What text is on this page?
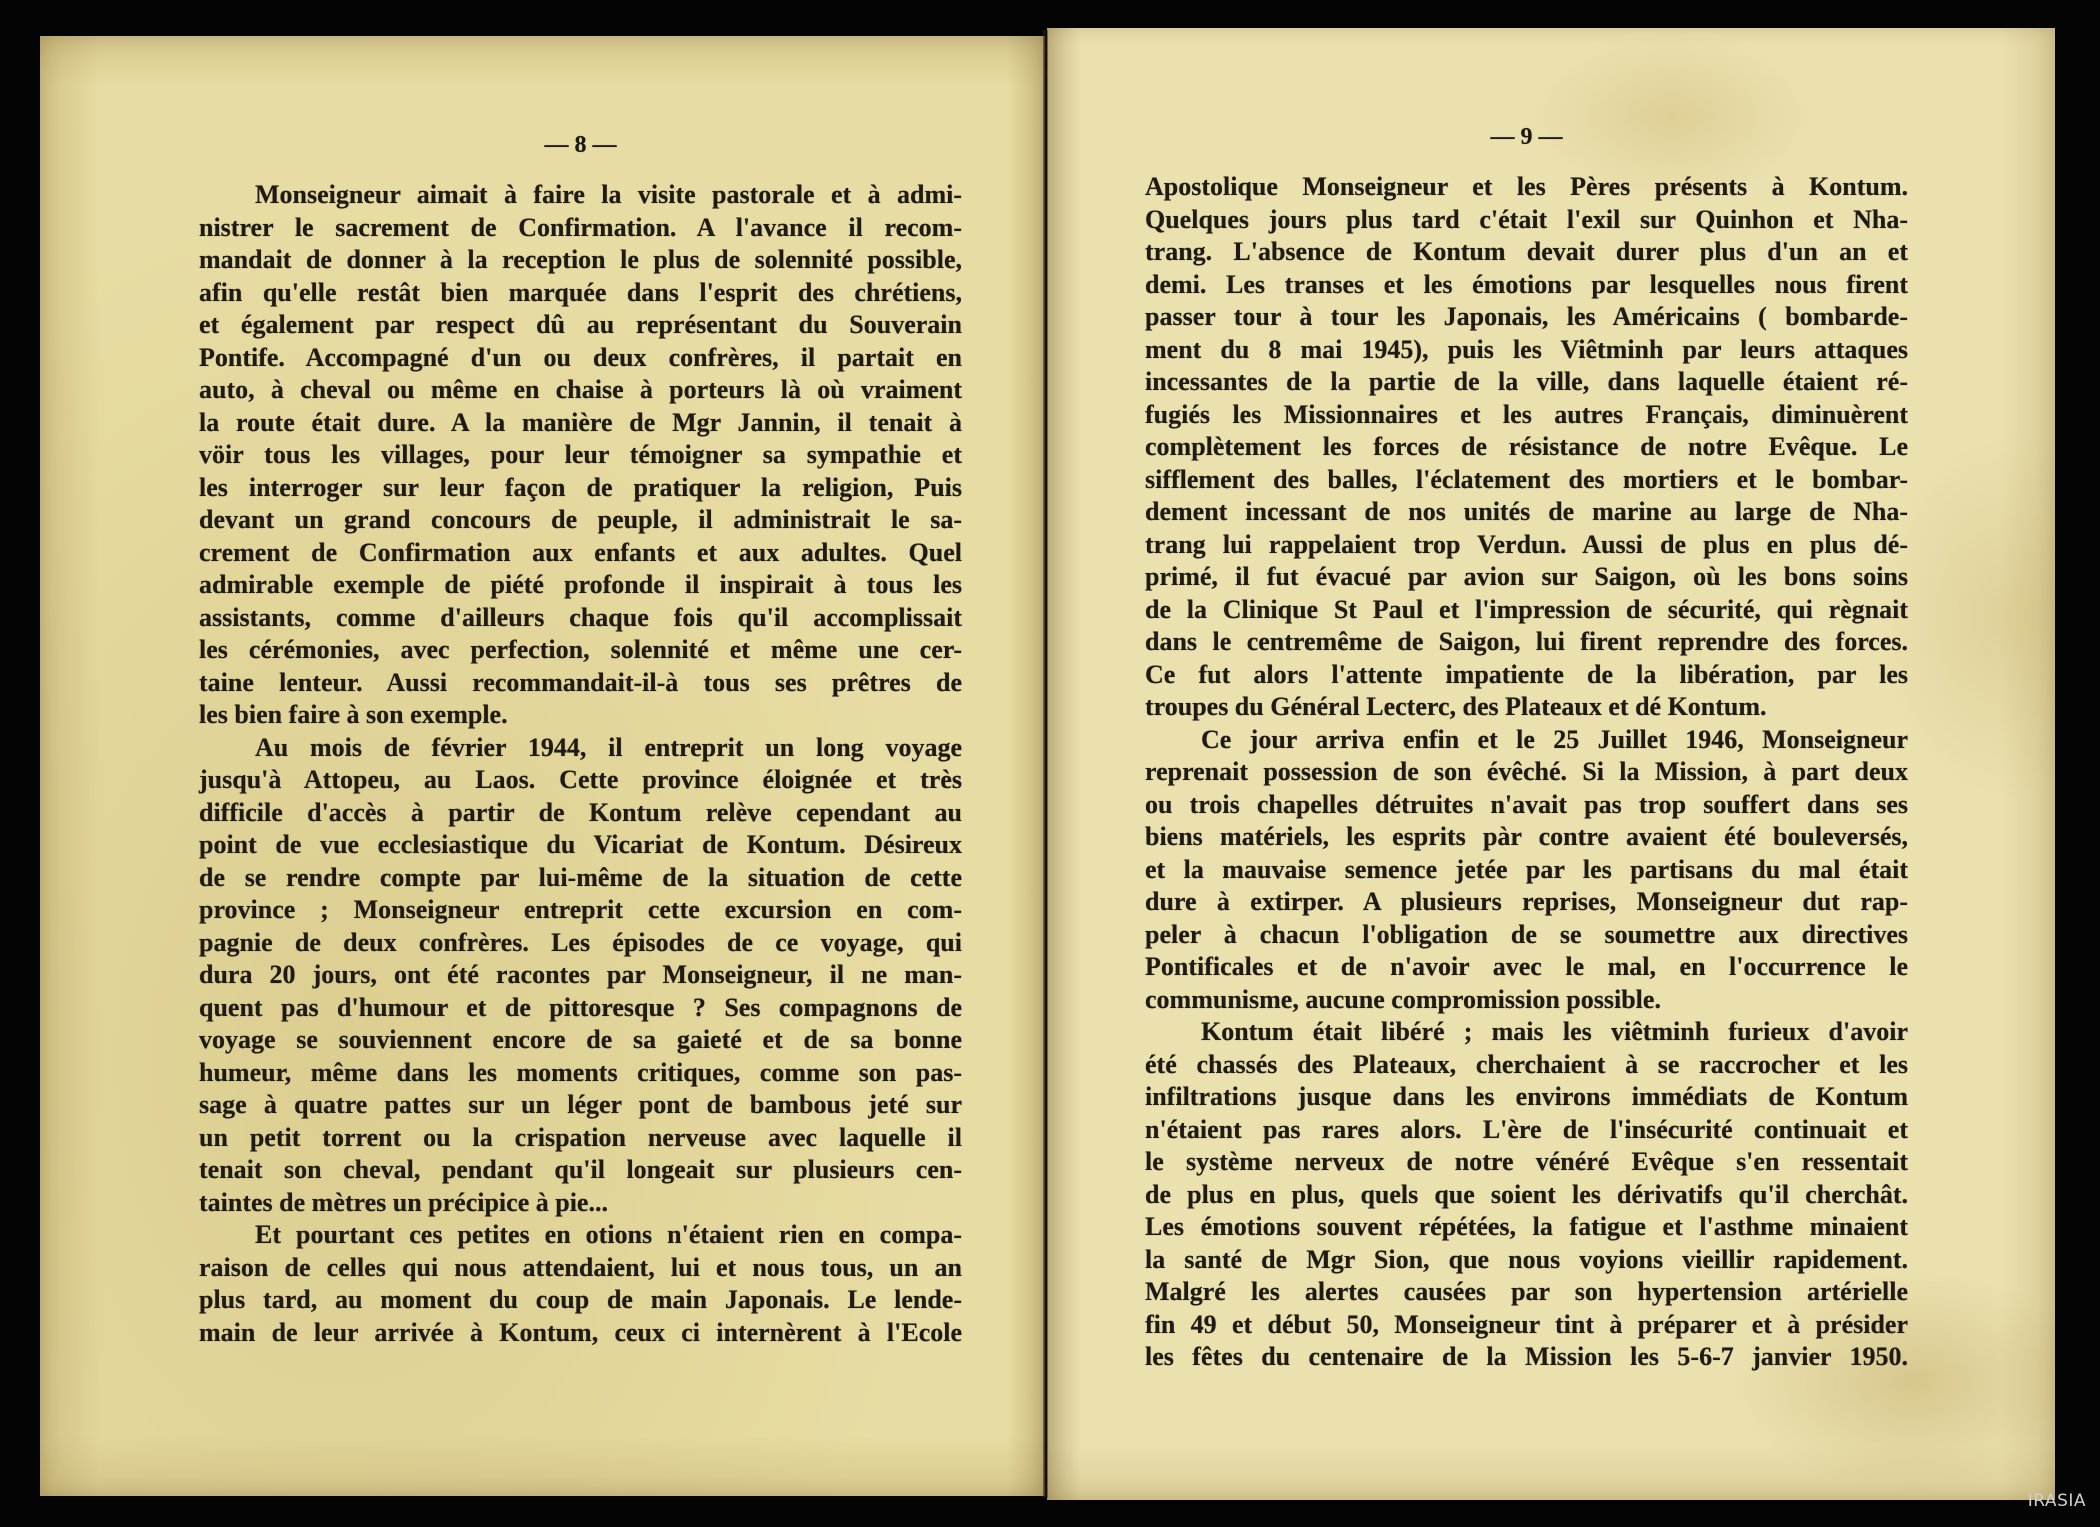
— 8 —
Monseigneur aimait à faire la visite pastorale et à admi-
nistrer le sacrement de Confirmation. A l'avance il recom-
mandait de donner à la reception le plus de solennité possible,
afin qu'elle restât bien marquée dans l'esprit des chrétiens,
et également par respect dû au représentant du Souverain
Pontife. Accompagné d'un ou deux confrères, il partait en
auto, à cheval ou même en chaise à porteurs là où vraiment
la route était dure. A la manière de Mgr Jannin, il tenait à
vöir tous les villages, pour leur témoigner sa sympathie et
les interroger sur leur façon de pratiquer la religion, Puis
devant un grand concours de peuple, il administrait le sa-
crement de Confirmation aux enfants et aux adultes. Quel
admirable exemple de piété profonde il inspirait à tous les
assistants, comme d'ailleurs chaque fois qu'il accomplissait
les cérémonies, avec perfection, solennité et même une cer-
taine lenteur. Aussi recommandait-il-à tous ses prêtres de
les bien faire à son exemple.
Au mois de février 1944, il entreprit un long voyage
jusqu'à Attopeu, au Laos. Cette province éloignée et très
difficile d'accès à partir de Kontum relève cependant au
point de vue ecclesiastique du Vicariat de Kontum. Désireux
de se rendre compte par lui-même de la situation de cette
province ; Monseigneur entreprit cette excursion en com-
pagnie de deux confrères. Les épisodes de ce voyage, qui
dura 20 jours, ont été racontes par Monseigneur, il ne man-
quent pas d'humour et de pittoresque ? Ses compagnons de
voyage se souviennent encore de sa gaieté et de sa bonne
humeur, même dans les moments critiques, comme son pas-
sage à quatre pattes sur un léger pont de bambous jeté sur
un petit torrent ou la crispation nerveuse avec laquelle il
tenait son cheval, pendant qu'il longeait sur plusieurs cen-
taintes de mètres un précipice à pie...
Et pourtant ces petites en otions n'étaient rien en compa-
raison de celles qui nous attendaient, lui et nous tous, un an
plus tard, au moment du coup de main Japonais. Le lende-
main de leur arrivée à Kontum, ceux ci internèrent à l'Ecole
— 9 —
Apostolique Monseigneur et les Pères présents à Kontum.
Quelques jours plus tard c'était l'exil sur Quinhon et Nha-
trang. L'absence de Kontum devait durer plus d'un an et
demi. Les transes et les émotions par lesquelles nous firent
passer tour à tour les Japonais, les Américains ( bombarde-
ment du 8 mai 1945), puis les Viêtminh par leurs attaques
incessantes de la partie de la ville, dans laquelle étaient ré-
fugiés les Missionnaires et les autres Français, diminuèrent
complètement les forces de résistance de notre Evêque. Le
sifflement des balles, l'éclatement des mortiers et le bombar-
dement incessant de nos unités de marine au large de Nha-
trang lui rappelaient trop Verdun. Aussi de plus en plus dé-
primé, il fut évacué par avion sur Saigon, où les bons soins
de la Clinique St Paul et l'impression de sécurité, qui règnait
dans le centremême de Saigon, lui firent reprendre des forces.
Ce fut alors l'attente impatiente de la libération, par les
troupes du Général Lecterc, des Plateaux et dé Kontum.
Ce jour arriva enfin et le 25 Juillet 1946, Monseigneur
reprenait possession de son évêché. Si la Mission, à part deux
ou trois chapelles détruites n'avait pas trop souffert dans ses
biens matériels, les esprits pàr contre avaient été bouleversés,
et la mauvaise semence jetée par les partisans du mal était
dure à extirper. A plusieurs reprises, Monseigneur dut rap-
peler à chacun l'obligation de se soumettre aux directives
Pontificales et de n'avoir avec le mal, en l'occurrence le
communisme, aucune compromission possible.
Kontum était libéré ; mais les viêtminh furieux d'avoir
été chassés des Plateaux, cherchaient à se raccrocher et les
infiltrations jusque dans les environs immédiats de Kontum
n'étaient pas rares alors. L'ère de l'insécurité continuait et
le système nerveux de notre vénéré Evêque s'en ressentait
de plus en plus, quels que soient les dérivatifs qu'il cherchât.
Les émotions souvent répétées, la fatigue et l'asthme minaient
la santé de Mgr Sion, que nous voyions vieillir rapidement.
Malgré les alertes causées par son hypertension artérielle
fin 49 et début 50, Monseigneur tint à préparer et à présider
les fêtes du centenaire de la Mission les 5-6-7 janvier 1950.
IRASIA
